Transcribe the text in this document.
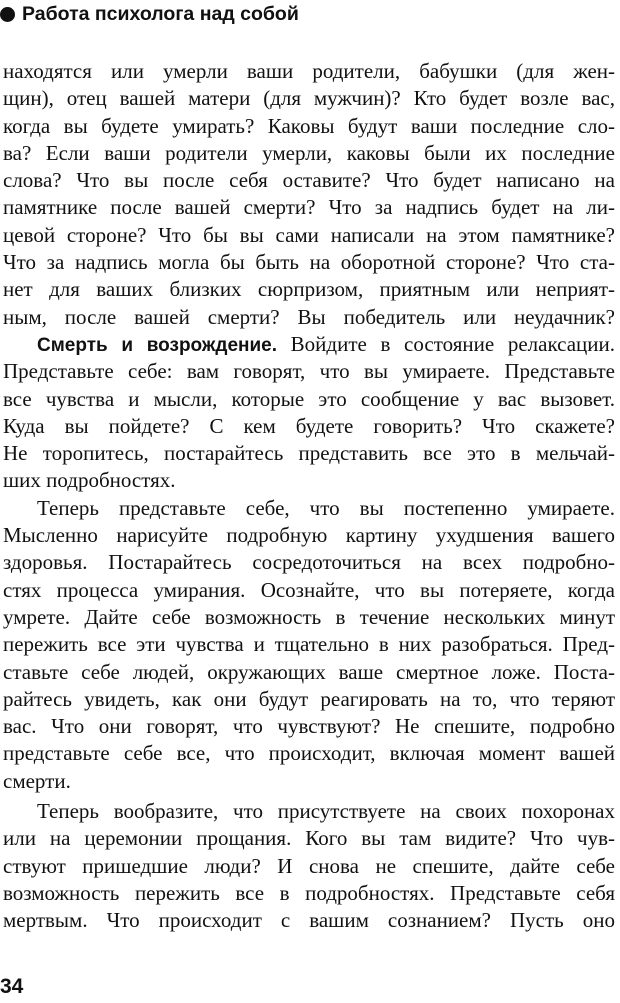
Работа психолога над собой
находятся или умерли ваши родители, бабушки (для жен-
щин), отец вашей матери (для мужчин)? Кто будет возле вас,
когда вы будете умирать? Каковы будут ваши последние сло-
ва? Если ваши родители умерли, каковы были их последние
слова? Что вы после себя оставите? Что будет написано на
памятнике после вашей смерти? Что за надпись будет на ли-
цевой стороне? Что бы вы сами написали на этом памятнике?
Что за надпись могла бы быть на оборотной стороне? Что ста-
нет для ваших близких сюрпризом, приятным или неприят-
ным, после вашей смерти? Вы победитель или неудачник?
Смерть и возрождение. Войдите в состояние релаксации.
Представьте себе: вам говорят, что вы умираете. Представьте
все чувства и мысли, которые это сообщение у вас вызовет.
Куда вы пойдете? С кем будете говорить? Что скажете?
Не торопитесь, постарайтесь представить все это в мельчай-
ших подробностях.
Теперь представьте себе, что вы постепенно умираете.
Мысленно нарисуйте подробную картину ухудшения вашего
здоровья. Постарайтесь сосредоточиться на всех подробно-
стях процесса умирания. Осознайте, что вы потеряете, когда
умрете. Дайте себе возможность в течение нескольких минут
пережить все эти чувства и тщательно в них разобраться. Пред-
ставьте себе людей, окружающих ваше смертное ложе. Поста-
райтесь увидеть, как они будут реагировать на то, что теряют
вас. Что они говорят, что чувствуют? Не спешите, подробно
представьте себе все, что происходит, включая момент вашей
смерти.
Теперь вообразите, что присутствуете на своих похоронах
или на церемонии прощания. Кого вы там видите? Что чув-
ствуют пришедшие люди? И снова не спешите, дайте себе
возможность пережить все в подробностях. Представьте себя
мертвым. Что происходит с вашим сознанием? Пусть оно
34
